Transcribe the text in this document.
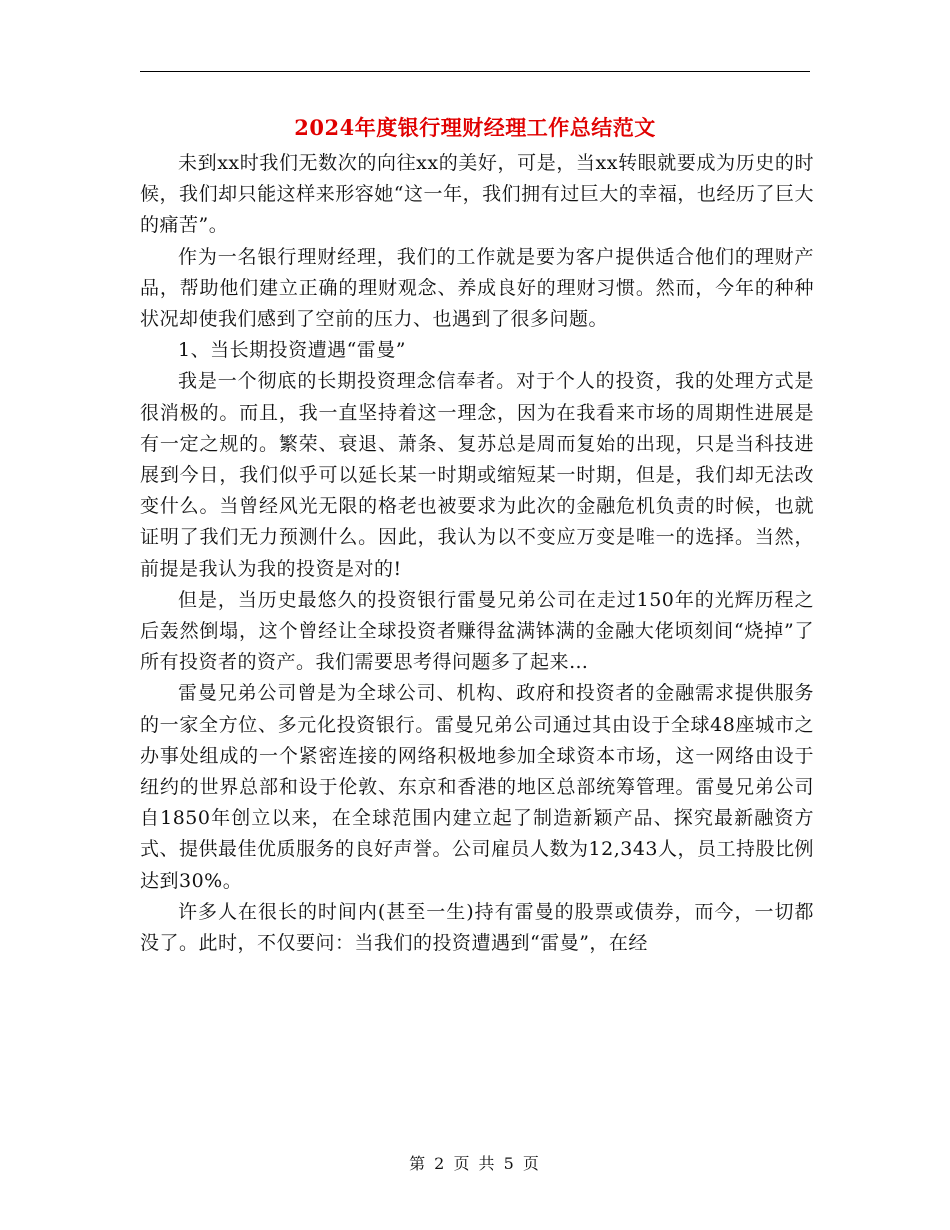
2024年度银行理财经理工作总结范文

未到xx时我们无数次的向往xx的美好，可是，当xx转眼就要成为历史的时候，我们却只能这样来形容她“这一年，我们拥有过巨大的幸福，也经历了巨大的痛苦”。

作为一名银行理财经理，我们的工作就是要为客户提供适合他们的理财产品，帮助他们建立正确的理财观念、养成良好的理财习惯。然而，今年的种种状况却使我们感到了空前的压力、也遇到了很多问题。

1、当长期投资遭遇“雷曼”

我是一个彻底的长期投资理念信奉者。对于个人的投资，我的处理方式是很消极的。而且，我一直坚持着这一理念，因为在我看来市场的周期性进展是有一定之规的。繁荣、衰退、萧条、复苏总是周而复始的出现，只是当科技进展到今日，我们似乎可以延长某一时期或缩短某一时期，但是，我们却无法改变什么。当曾经风光无限的格老也被要求为此次的金融危机负责的时候，也就证明了我们无力预测什么。因此，我认为以不变应万变是唯一的选择。当然，前提是我认为我的投资是对的!

但是，当历史最悠久的投资银行雷曼兄弟公司在走过150年的光辉历程之后轰然倒塌，这个曾经让全球投资者赚得盆满钵满的金融大佬顷刻间“烧掉”了所有投资者的资产。我们需要思考得问题多了起来…

雷曼兄弟公司曾是为全球公司、机构、政府和投资者的金融需求提供服务的一家全方位、多元化投资银行。雷曼兄弟公司通过其由设于全球48座城市之办事处组成的一个紧密连接的网络积极地参加全球资本市场，这一网络由设于纽约的世界总部和设于伦敦、东京和香港的地区总部统筹管理。雷曼兄弟公司自1850年创立以来，在全球范围内建立起了制造新颖产品、探究最新融资方式、提供最佳优质服务的良好声誉。公司雇员人数为12,343人，员工持股比例达到30%。

许多人在很长的时间内(甚至一生)持有雷曼的股票或债券，而今，一切都没了。此时，不仅要问：当我们的投资遭遇到“雷曼”，在经

第 2 页 共 5 页
